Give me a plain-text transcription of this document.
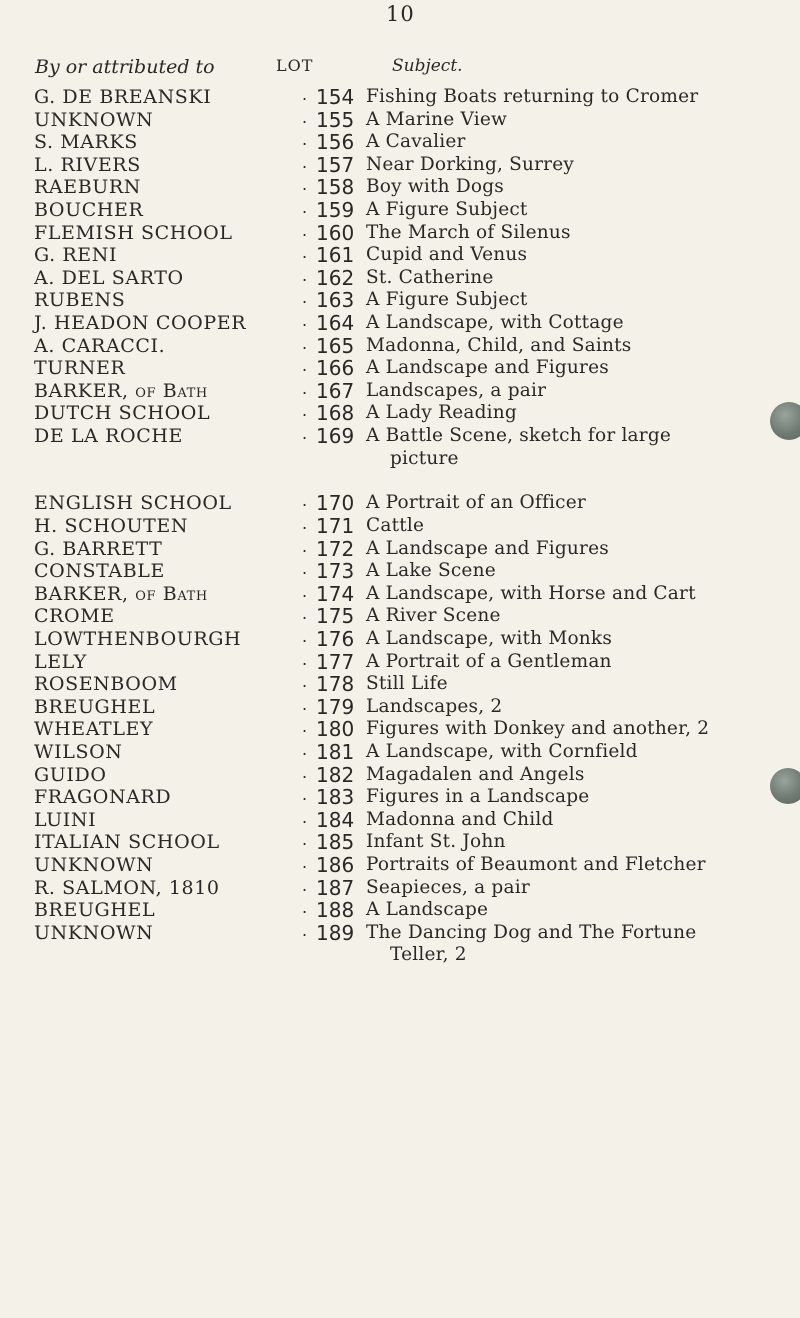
10
By or attributed to	LOT	Subject.
G. DE BREANSKI	. 154 Fishing Boats returning to Cromer
UNKNOWN	. 155 A Marine View
S. MARKS	. 156 A Cavalier
L. RIVERS	. 157 Near Dorking, Surrey
RAEBURN	. 158 Boy with Dogs
BOUCHER	. 159 A Figure Subject
FLEMISH SCHOOL	. 160 The March of Silenus
G. RENI	. 161 Cupid and Venus
A. DEL SARTO	. 162 St. Catherine
RUBENS	. 163 A Figure Subject
J. HEADON COOPER	. 164 A Landscape, with Cottage
A. CARACCI.	. 165 Madonna, Child, and Saints
TURNER	. 166 A Landscape and Figures
BARKER, of Bath	. 167 Landscapes, a pair
DUTCH SCHOOL	. 168 A Lady Reading
DE LA ROCHE	. 169 A Battle Scene, sketch for large
picture
ENGLISH SCHOOL	. 170 A Portrait of an Officer
H. SCHOUTEN	. 171 Cattle
G. BARRETT	. 172 A Landscape and Figures
CONSTABLE	. 173 A Lake Scene
BARKER, of Bath	. 174 A Landscape, with Horse and Cart
CROME	. 175 A River Scene
LOWTHENBOURGH	. 176 A Landscape, with Monks
LELY	. 177 A Portrait of a Gentleman
ROSENBOOM	. 178 Still Life
BREUGHEL	. 179 Landscapes, 2
WHEATLEY	. 180 Figures with Donkey and another, 2
WILSON	. 181 A Landscape, with Cornfield
GUIDO	. 182 Magadalen and Angels
FRAGONARD	. 183 Figures in a Landscape
LUINI	. 184 Madonna and Child
ITALIAN SCHOOL	. 185 Infant St. John
UNKNOWN	. 186 Portraits of Beaumont and Fletcher
R. SALMON, 1810	. 187 Seapieces, a pair
BREUGHEL	. 188 A Landscape
UNKNOWN	. 189 The Dancing Dog and The Fortune
Teller, 2
